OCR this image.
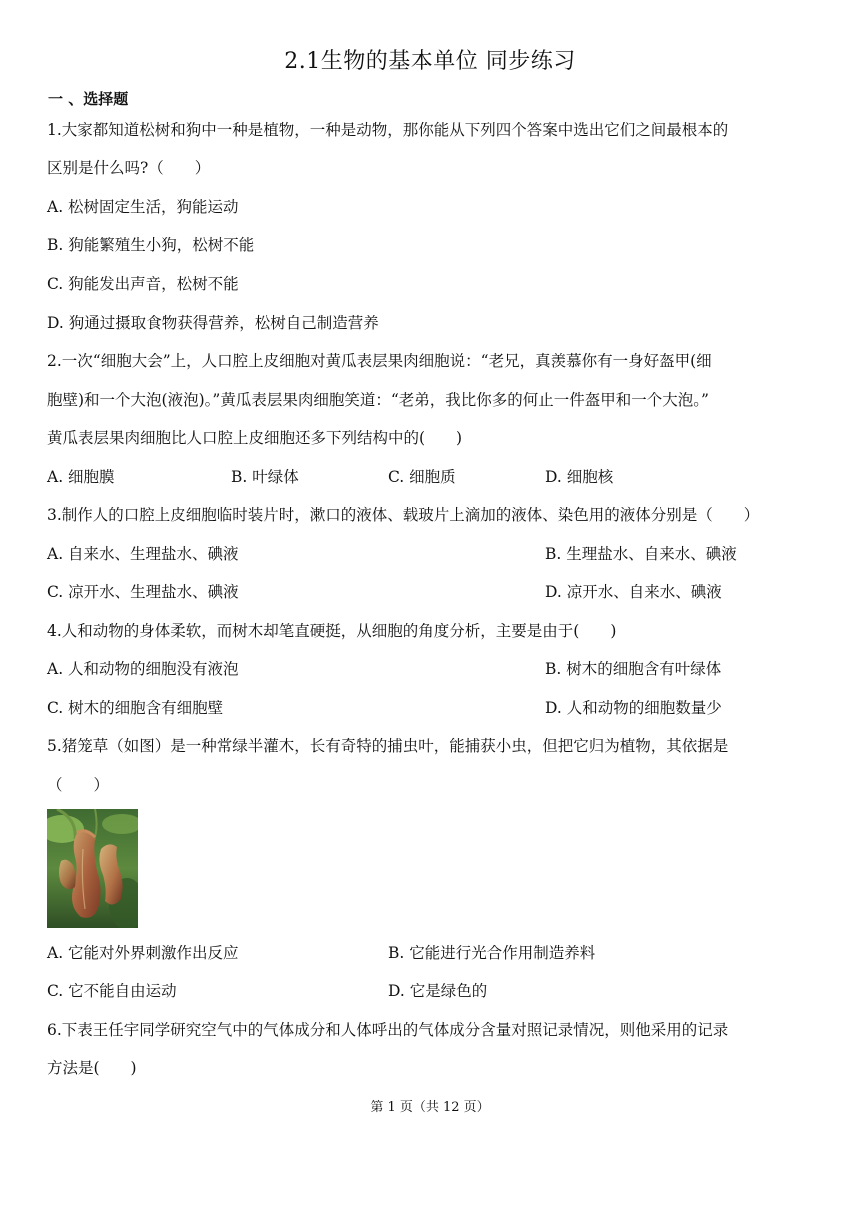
2.1生物的基本单位 同步练习
一 、选择题
1.大家都知道松树和狗中一种是植物，一种是动物，那你能从下列四个答案中选出它们之间最根本的
区别是什么吗?（　　）
A. 松树固定生活，狗能运动
B. 狗能繁殖生小狗，松树不能
C. 狗能发出声音，松树不能
D. 狗通过摄取食物获得营养，松树自己制造营养
2.一次“细胞大会”上，人口腔上皮细胞对黄瓜表层果肉细胞说：“老兄，真羡慕你有一身好盔甲(细
胞壁)和一个大泡(液泡)。”黄瓜表层果肉细胞笑道：“老弟，我比你多的何止一件盔甲和一个大泡。”
黄瓜表层果肉细胞比人口腔上皮细胞还多下列结构中的(　　)
A. 细胞膜	B. 叶绿体	C. 细胞质	D. 细胞核
3.制作人的口腔上皮细胞临时装片时，漱口的液体、载玻片上滴加的液体、染色用的液体分别是（　　）
A. 自来水、生理盐水、碘液	B. 生理盐水、自来水、碘液
C. 凉开水、生理盐水、碘液	D. 凉开水、自来水、碘液
4.人和动物的身体柔软，而树木却笔直硬挺，从细胞的角度分析，主要是由于(　　)
A. 人和动物的细胞没有液泡	B. 树木的细胞含有叶绿体
C. 树木的细胞含有细胞壁	D. 人和动物的细胞数量少
5.猪笼草（如图）是一种常绿半灌木，长有奇特的捕虫叶，能捕获小虫，但把它归为植物，其依据是
（　　）
A. 它能对外界刺激作出反应	B. 它能进行光合作用制造养料
C. 它不能自由运动	D. 它是绿色的
6.下表王任宇同学研究空气中的气体成分和人体呼出的气体成分含量对照记录情况，则他采用的记录
方法是(　　)
第 1 页（共 12 页）
